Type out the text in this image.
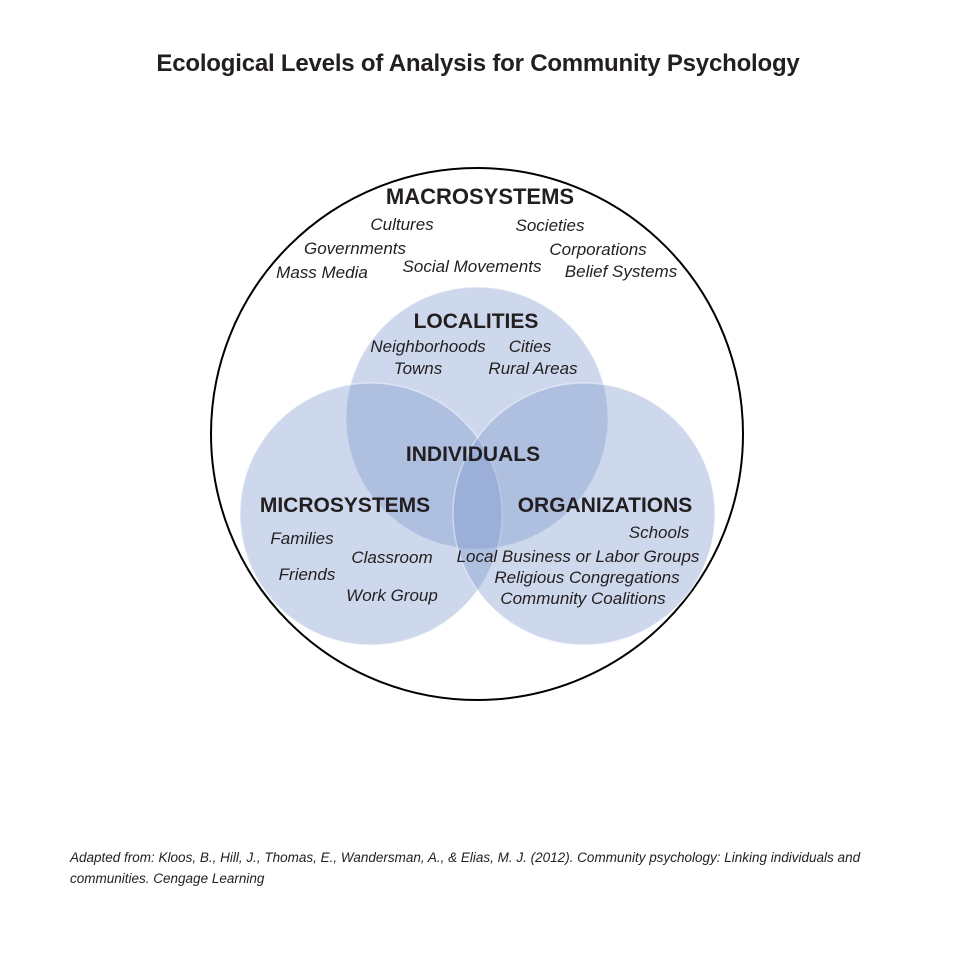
Ecological Levels of Analysis for Community Psychology
MACROSYSTEMS
Cultures	Societies
Governments	Corporations
Mass Media Social Movements Belief Systems
LOCALITIES
Neighborhoods Cities
Towns	Rural Areas
INDIVIDUALS
MICROSYSTEMS
Families
Classroom
Friends
Work Group
ORGANIZATIONS
Schools
Local Business or Labor Groups
Religious Congregations
Community Coalitions
Adapted from: Kloos, B., Hill, J., Thomas, E., Wandersman, A., & Elias, M. J. (2012). Community psychology: Linking individuals and
communities. Cengage Learning
